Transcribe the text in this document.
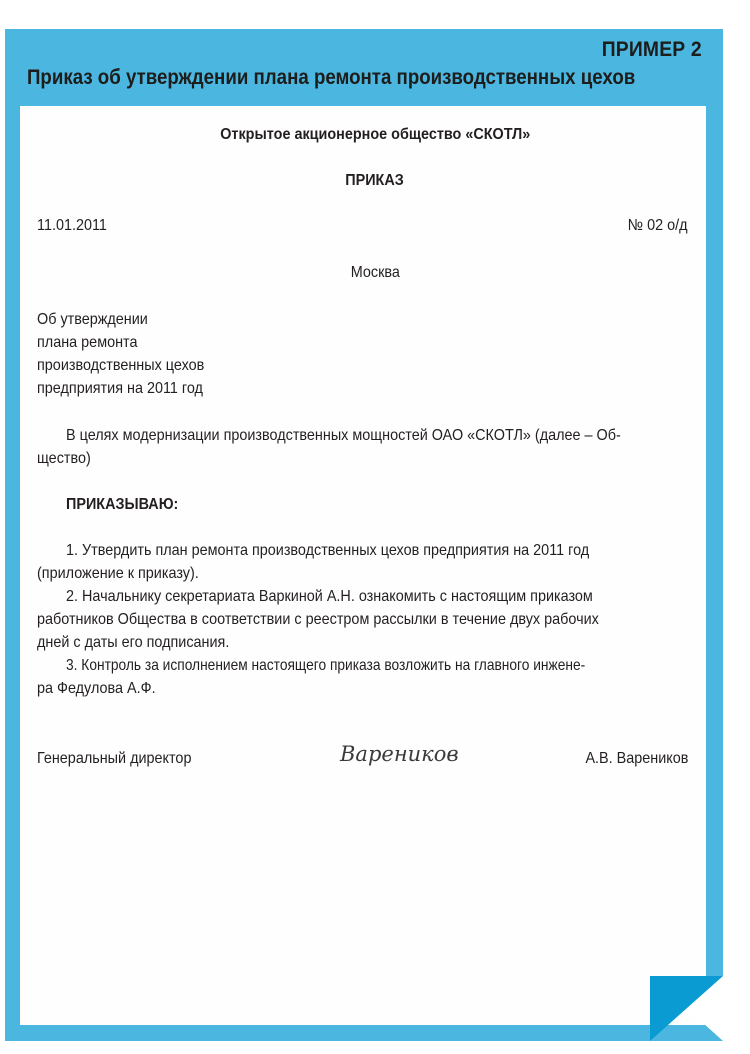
ПРИМЕР 2
Приказ об утверждении плана ремонта производственных цехов
Открытое акционерное общество «СКОТЛ»
ПРИКАЗ
11.01.2011	№ 02 о/д
Москва
Об утверждении
плана ремонта
производственных цехов
предприятия на 2011 год
В целях модернизации производственных мощностей ОАО «СКОТЛ» (далее – Об-
щество)
ПРИКАЗЫВАЮ:
1. Утвердить план ремонта производственных цехов предприятия на 2011 год
(приложение к приказу).
2. Начальнику секретариата Варкиной А.Н. ознакомить с настоящим приказом
работников Общества в соответствии с реестром рассылки в течение двух рабочих
дней с даты его подписания.
3. Контроль за исполнением настоящего приказа возложить на главного инжене-
ра Федулова А.Ф.
Генеральный директор	Вареников	А.В. Вареников
